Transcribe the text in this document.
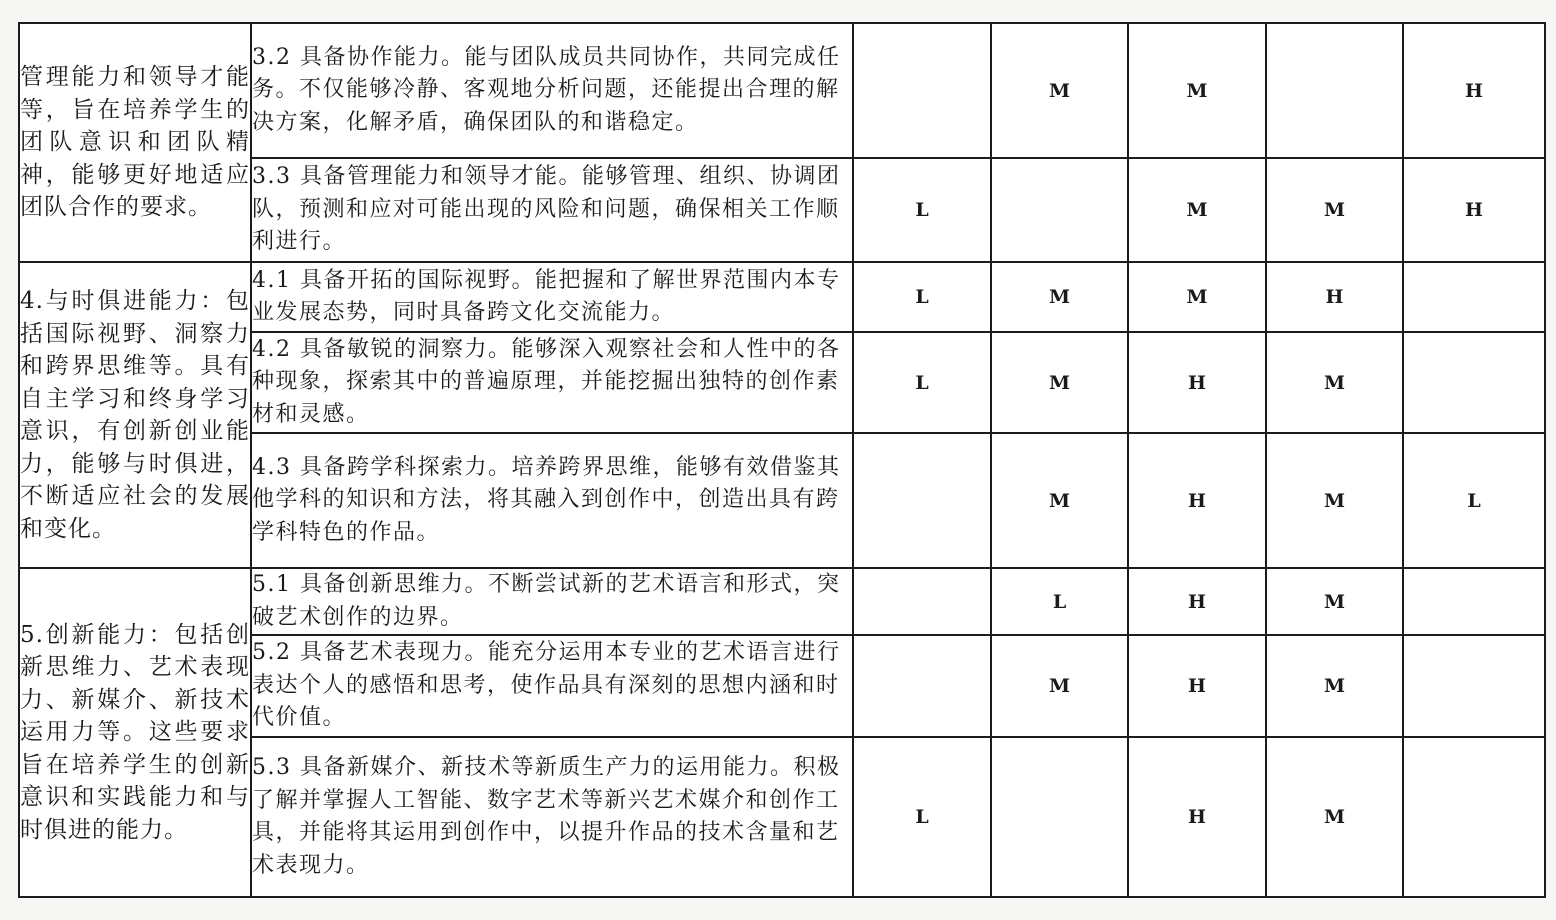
管理能力和领导才能等，旨在培养学生的团队意识和团队精神，能够更好地适应团队合作的要求。	3.2 具备协作能力。能与团队成员共同协作，共同完成任务。不仅能够冷静、客观地分析问题，还能提出合理的解决方案，化解矛盾，确保团队的和谐稳定。		M	M		H
	3.3 具备管理能力和领导才能。能够管理、组织、协调团队，预测和应对可能出现的风险和问题，确保相关工作顺利进行。	L		M	M	H
4.与时俱进能力：包括国际视野、洞察力和跨界思维等。具有自主学习和终身学习意识，有创新创业能力，能够与时俱进，不断适应社会的发展和变化。	4.1 具备开拓的国际视野。能把握和了解世界范围内本专业发展态势，同时具备跨文化交流能力。	L	M	M	H	
	4.2 具备敏锐的洞察力。能够深入观察社会和人性中的各种现象，探索其中的普遍原理，并能挖掘出独特的创作素材和灵感。	L	M	H	M	
	4.3 具备跨学科探索力。培养跨界思维，能够有效借鉴其他学科的知识和方法，将其融入到创作中，创造出具有跨学科特色的作品。		M	H	M	L
5.创新能力：包括创新思维力、艺术表现力、新媒介、新技术运用力等。这些要求旨在培养学生的创新意识和实践能力和与时俱进的能力。	5.1 具备创新思维力。不断尝试新的艺术语言和形式，突破艺术创作的边界。		L	H	M	
	5.2 具备艺术表现力。能充分运用本专业的艺术语言进行表达个人的感悟和思考，使作品具有深刻的思想内涵和时代价值。		M	H	M	
	5.3 具备新媒介、新技术等新质生产力的运用能力。积极了解并掌握人工智能、数字艺术等新兴艺术媒介和创作工具，并能将其运用到创作中，以提升作品的技术含量和艺术表现力。	L		H	M	
